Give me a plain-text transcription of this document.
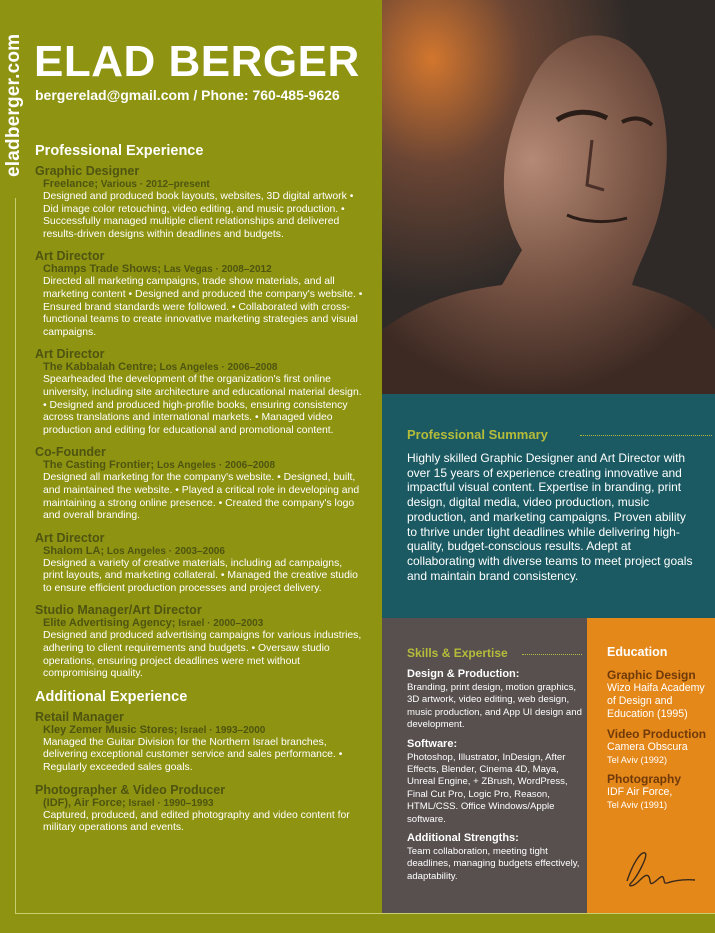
eladberger.com ELAD BERGER
bergerelad@gmail.com / Phone: 760-485-9626
Professional Experience
Graphic Designer
Freelance; Various · 2012–present
Designed and produced book layouts, websites, 3D digital artwork • Did image color retouching, video editing, and music production. • Successfully managed multiple client relationships and delivered results-driven designs within deadlines and budgets.
Art Director
Champs Trade Shows; Las Vegas · 2008–2012
Directed all marketing campaigns, trade show materials, and all marketing content • Designed and produced the company's website. • Ensured brand standards were followed. • Collaborated with cross-functional teams to create innovative marketing strategies and visual campaigns.
Art Director
The Kabbalah Centre; Los Angeles · 2006–2008
Spearheaded the development of the organization's first online university, including site architecture and educational material design. • Designed and produced high-profile books, ensuring consistency across translations and international markets. • Managed video production and editing for educational and promotional content.
Co-Founder
The Casting Frontier; Los Angeles · 2006–2008
Designed all marketing for the company's website. • Designed, built, and maintained the website. • Played a critical role in developing and maintaining a strong online presence. • Created the company's logo and overall branding.
Art Director
Shalom LA; Los Angeles · 2003–2006
Designed a variety of creative materials, including ad campaigns, print layouts, and marketing collateral. • Managed the creative studio to ensure efficient production processes and project delivery.
Studio Manager/Art Director
Elite Advertising Agency; Israel · 2000–2003
Designed and produced advertising campaigns for various industries, adhering to client requirements and budgets. • Oversaw studio operations, ensuring project deadlines were met without compromising quality.
Additional Experience
Retail Manager
Kley Zemer Music Stores; Israel · 1993–2000
Managed the Guitar Division for the Northern Israel branches, delivering exceptional customer service and sales performance. • Regularly exceeded sales goals.
Photographer & Video Producer
(IDF), Air Force; Israel · 1990–1993
Captured, produced, and edited photography and video content for military operations and events.
Professional Summary
Highly skilled Graphic Designer and Art Director with over 15 years of experience creating innovative and impactful visual content. Expertise in branding, print design, digital media, video production, music production, and marketing campaigns. Proven ability to thrive under tight deadlines while delivering high-quality, budget-conscious results. Adept at collaborating with diverse teams to meet project goals and maintain brand consistency.
Skills & Expertise
Design & Production:
Branding, print design, motion graphics, 3D artwork, video editing, web design, music production, and App UI design and development.
Software:
Photoshop, Illustrator, InDesign, After Effects, Blender, Cinema 4D, Maya, Unreal Engine, + ZBrush, WordPress, Final Cut Pro, Logic Pro, Reason, HTML/CSS. Office Windows/Apple software.
Additional Strengths:
Team collaboration, meeting tight deadlines, managing budgets effectively, adaptability.
Education
Graphic Design
Wizo Haifa Academy of Design and Education (1995)
Video Production
Camera Obscura
Tel Aviv (1992)
Photography
IDF Air Force,
Tel Aviv (1991)
